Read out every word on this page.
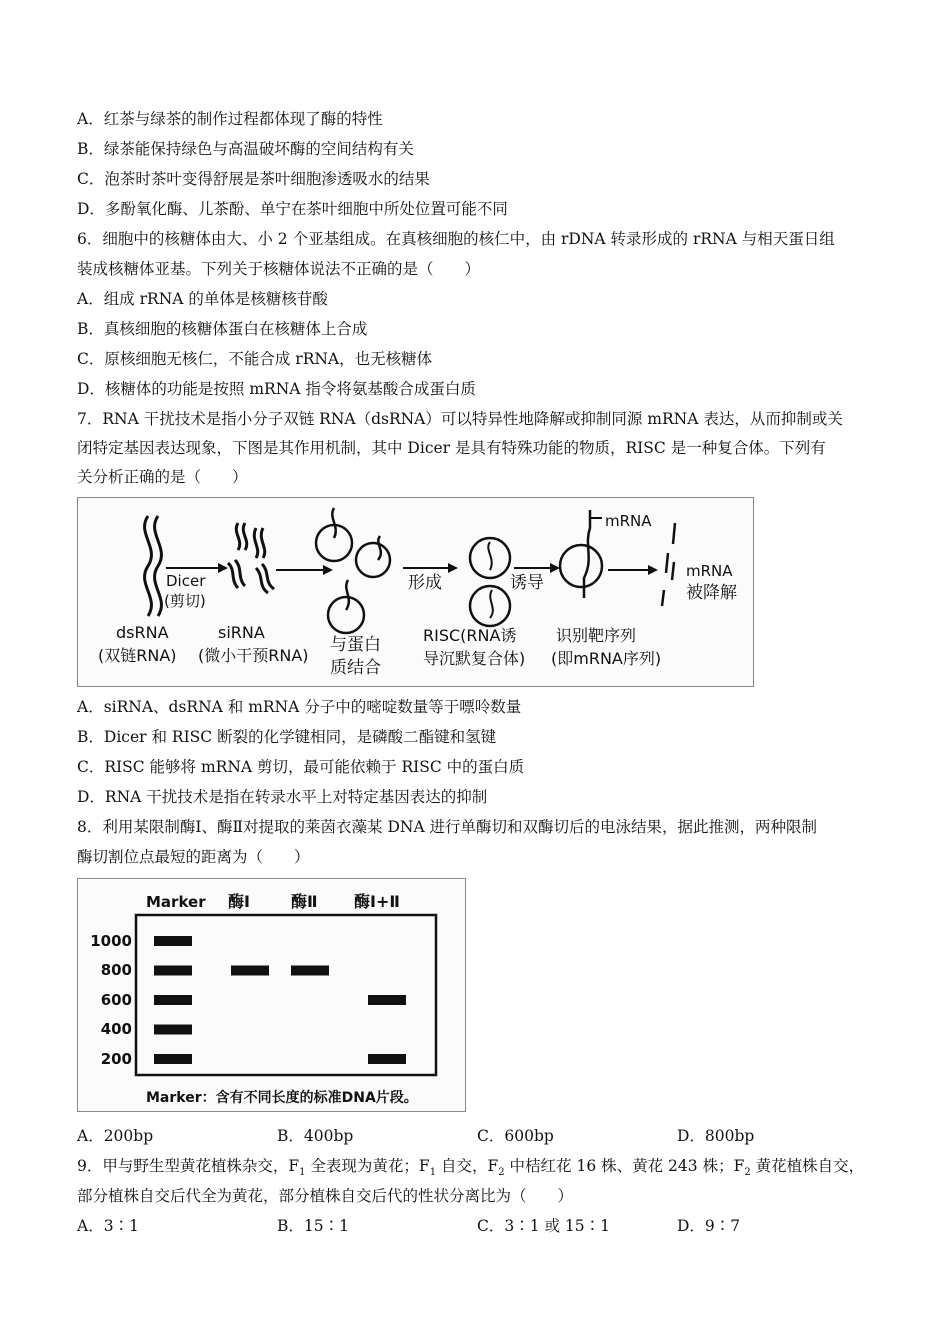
A．红茶与绿茶的制作过程都体现了酶的特性
B．绿茶能保持绿色与高温破坏酶的空间结构有关
C．泡茶时茶叶变得舒展是茶叶细胞渗透吸水的结果
D．多酚氧化酶、儿茶酚、单宁在茶叶细胞中所处位置可能不同
6．细胞中的核糖体由大、小 2 个亚基组成。在真核细胞的核仁中，由 rDNA 转录形成的 rRNA 与相天蛋日组
装成核糖体亚基。下列关于核糖体说法不正确的是（　　）
A．组成 rRNA 的单体是核糖核苷酸
B．真核细胞的核糖体蛋白在核糖体上合成
C．原核细胞无核仁，不能合成 rRNA，也无核糖体
D．核糖体的功能是按照 mRNA 指令将氨基酸合成蛋白质
7．RNA 干扰技术是指小分子双链 RNA（dsRNA）可以特异性地降解或抑制同源 mRNA 表达，从而抑制或关
闭特定基因表达现象，下图是其作用机制，其中 Dicer 是具有特殊功能的物质，RISC 是一种复合体。下列有
关分析正确的是（　　）
Dicer
(剪切)
dsRNA
(双链RNA)
siRNA
(微小干预RNA)
与蛋白
质结合
形成	诱导
mRNA
mRNA
被降解
RISC(RNA诱
导沉默复合体)
识别靶序列
(即mRNA序列)
A．siRNA、dsRNA 和 mRNA 分子中的嘧啶数量等于嘌呤数量
B．Dicer 和 RISC 断裂的化学键相同，是磷酸二酯键和氢键
C．RISC 能够将 mRNA 剪切，最可能依赖于 RISC 中的蛋白质
D．RNA 干扰技术是指在转录水平上对特定基因表达的抑制
8．利用某限制酶Ⅰ、酶Ⅱ对提取的莱茵衣藻某 DNA 进行单酶切和双酶切后的电泳结果，据此推测，两种限制
酶切割位点最短的距离为（　　）
Marker 酶Ⅰ	酶Ⅱ 酶Ⅰ+Ⅱ
1000
800
600
400
200
Marker：含有不同长度的标准DNA片段。
A．200bp	B．400bp	C．600bp	D．800bp
9．甲与野生型黄花植株杂交，$F_1$ 全表现为黄花；$F_1$ 自交，$F_2$ 中桔红花 16 株、黄花 243 株；$F_2$ 黄花植株自交，
部分植株自交后代全为黄花，部分植株自交后代的性状分离比为（　　）
A．3∶1	B．15∶1	C．3∶1 或 15∶1	D．9∶7
